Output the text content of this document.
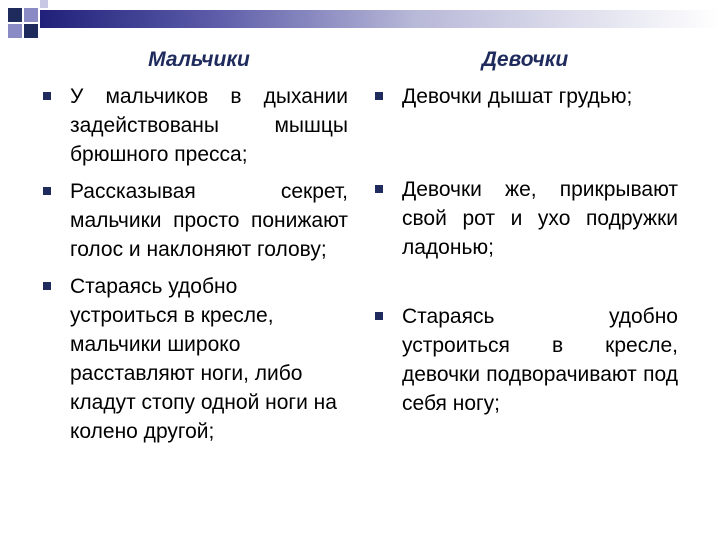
Мальчики
У мальчиков в дыхании задействованы мышцы брюшного пресса;
Рассказывая секрет, мальчики просто понижают голос и наклоняют голову;
Стараясь удобно устроиться в кресле, мальчики широко расставляют ноги, либо кладут стопу одной ноги на колено другой;
Девочки
Девочки дышат грудью;
Девочки же, прикрывают свой рот и ухо подружки ладонью;
Стараясь удобно устроиться в кресле, девочки подворачивают под себя ногу;
